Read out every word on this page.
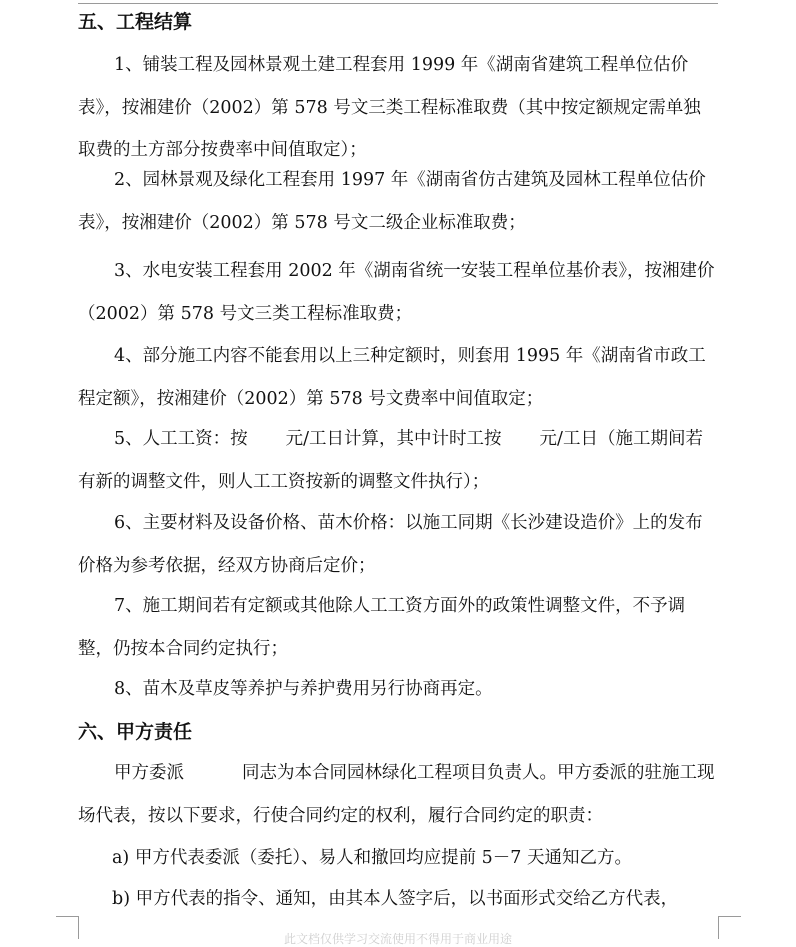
五、工程结算

1、铺装工程及园林景观土建工程套用 1999 年《湖南省建筑工程单位估价表》，按湘建价（2002）第 578 号文三类工程标准取费（其中按定额规定需单独取费的土方部分按费率中间值取定）；

2、园林景观及绿化工程套用 1997 年《湖南省仿古建筑及园林工程单位估价表》，按湘建价（2002）第 578 号文二级企业标准取费；

3、水电安装工程套用 2002 年《湖南省统一安装工程单位基价表》，按湘建价（2002）第 578 号文三类工程标准取费；

4、部分施工内容不能套用以上三种定额时，则套用 1995 年《湖南省市政工程定额》，按湘建价（2002）第 578 号文费率中间值取定；

5、人工工资：按 元/工日计算，其中计时工按 元/工日（施工期间若有新的调整文件，则人工工资按新的调整文件执行）；

6、主要材料及设备价格、苗木价格：以施工同期《长沙建设造价》上的发布价格为参考依据，经双方协商后定价；

7、施工期间若有定额或其他除人工工资方面外的政策性调整文件，不予调整，仍按本合同约定执行；

8、苗木及草皮等养护与养护费用另行协商再定。

六、甲方责任

甲方委派	同志为本合同园林绿化工程项目负责人。甲方委派的驻施工现场代表，按以下要求，行使合同约定的权利，履行合同约定的职责：

a) 甲方代表委派（委托）、易人和撤回均应提前 5－7 天通知乙方。
b) 甲方代表的指令、通知，由其本人签字后，以书面形式交给乙方代表，
此文档仅供学习交流使用不得用于商业用途
